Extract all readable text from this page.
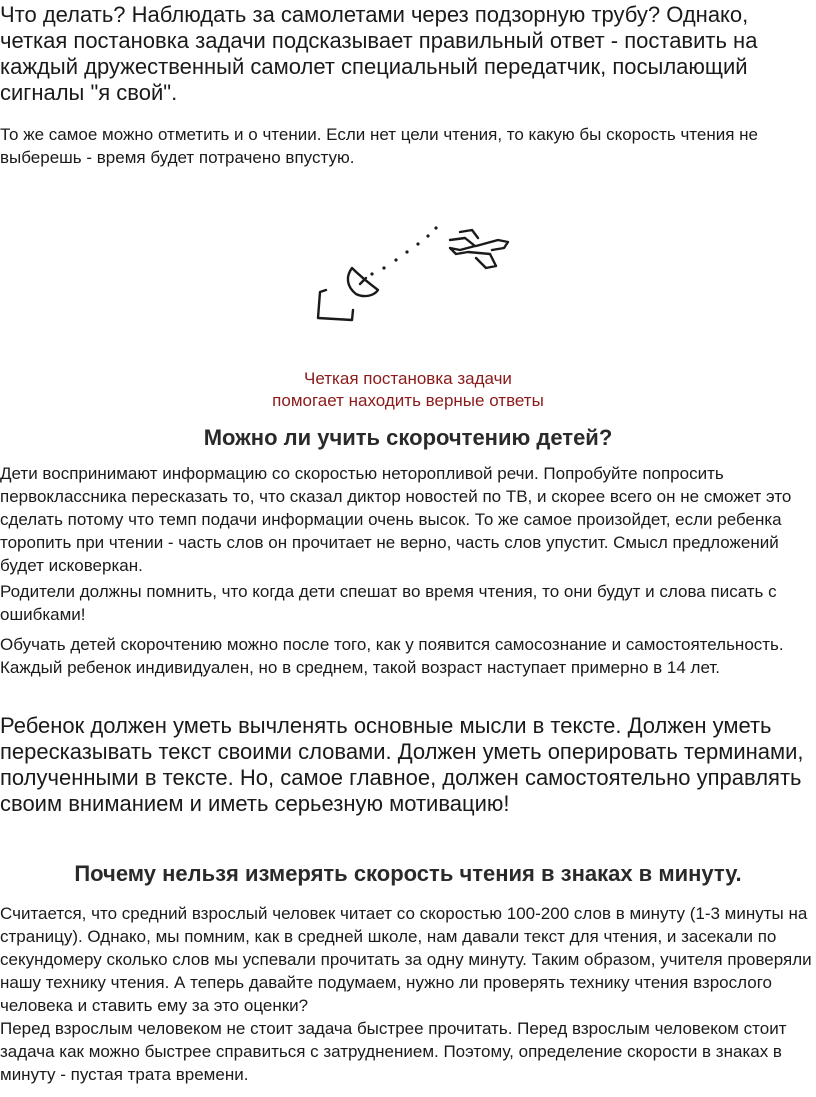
Что делать? Наблюдать за самолетами через подзорную трубу? Однако, четкая постановка задачи подсказывает правильный ответ - поставить на каждый дружественный самолет специальный передатчик, посылающий сигналы "я свой".

То же самое можно отметить и о чтении. Если нет цели чтения, то какую бы скорость чтения не выберешь - время будет потрачено впустую.

Четкая постановка задачи
помогает находить верные ответы
Можно ли учить скорочтению детей?

Дети воспринимают информацию со скоростью неторопливой речи. Попробуйте попросить первоклассника пересказать то, что сказал диктор новостей по ТВ, и скорее всего он не сможет это сделать потому что темп подачи информации очень высок. То же самое произойдет, если ребенка торопить при чтении - часть слов он прочитает не верно, часть слов упустит. Смысл предложений будет исковеркан.

Родители должны помнить, что когда дети спешат во время чтения, то они будут и слова писать с ошибками!

Обучать детей скорочтению можно после того, как у появится самосознание и самостоятельность. Каждый ребенок индивидуален, но в среднем, такой возраст наступает примерно в 14 лет.

Ребенок должен уметь вычленять основные мысли в тексте. Должен уметь пересказывать текст своими словами. Должен уметь оперировать терминами, полученными в тексте. Но, самое главное, должен самостоятельно управлять своим вниманием и иметь серьезную мотивацию!

Почему нельзя измерять скорость чтения в знаках в минуту.

Считается, что средний взрослый человек читает со скоростью 100-200 слов в минуту (1-3 минуты на страницу). Однако, мы помним, как в средней школе, нам давали текст для чтения, и засекали по секундомеру сколько слов мы успевали прочитать за одну минуту. Таким образом, учителя проверяли нашу технику чтения. А теперь давайте подумаем, нужно ли проверять технику чтения взрослого человека и ставить ему за это оценки?

Перед взрослым человеком не стоит задача быстрее прочитать. Перед взрослым человеком стоит задача как можно быстрее справиться с затруднением. Поэтому, определение скорости в знаках в минуту - пустая трата времени.
